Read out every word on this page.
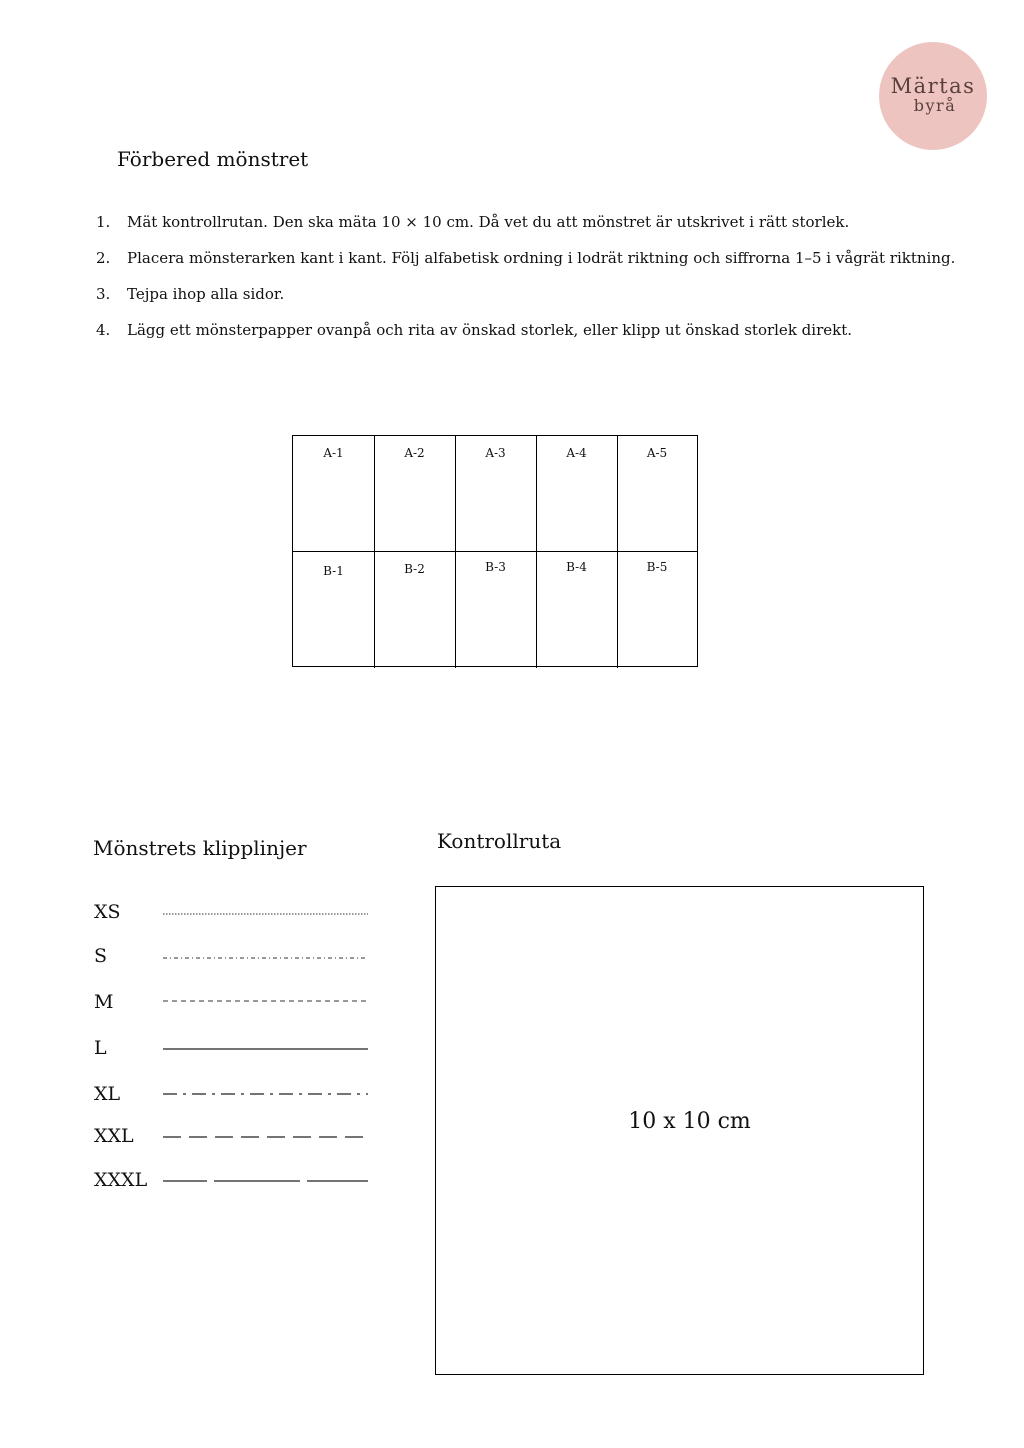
Märtas
byrå
Förbered mönstret
1. Mät kontrollrutan. Den ska mäta 10 × 10 cm. Då vet du att mönstret är utskrivet i rätt storlek.
2. Placera mönsterarken kant i kant. Följ alfabetisk ordning i lodrät riktning och siffrorna 1–5 i vågrät riktning.
3. Tejpa ihop alla sidor.
4. Lägg ett mönsterpapper ovanpå och rita av önskad storlek, eller klipp ut önskad storlek direkt.
A-1	A-2	A-3	A-4	A-5
B-1	B-2	B-3	B-4	B-5
Mönstrets klipplinjer
XS
S
M
L
XL
XXL
XXXL
Kontrollruta
10 x 10 cm
